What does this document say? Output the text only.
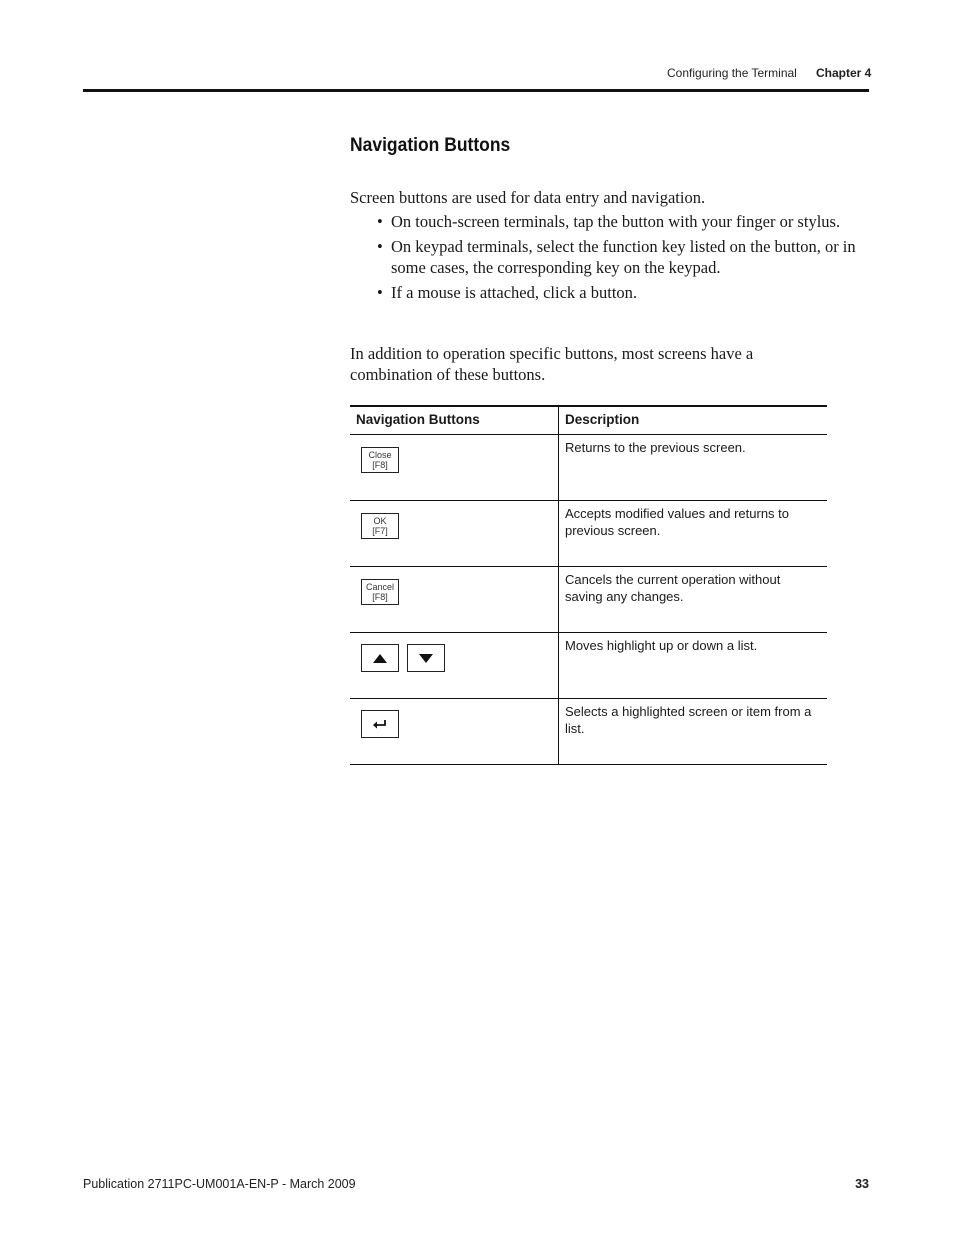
Configuring the Terminal Chapter 4
Navigation Buttons
Screen buttons are used for data entry and navigation.
• On touch-screen terminals, tap the button with your finger or stylus.
• On keypad terminals, select the function key listed on the button, or in some cases, the corresponding key on the keypad.
• If a mouse is attached, click a button.
In addition to operation specific buttons, most screens have a combination of these buttons.
Navigation Buttons	Description

Close
[F8]	Returns to the previous screen.

OK
[F7]	Accepts modified values and returns to previous screen.

Cancel
[F8]	Cancels the current operation without saving any changes.

	Moves highlight up or down a list.

	Selects a highlighted screen or item from a list.
Publication 2711PC-UM001A-EN-P - March 2009	33
